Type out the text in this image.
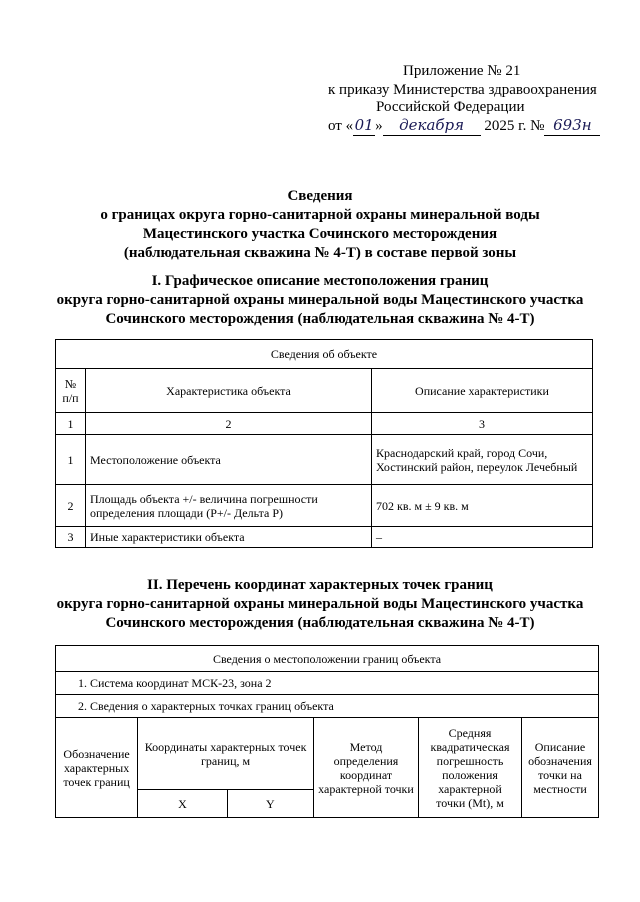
Приложение № 21
к приказу Министерства здравоохранения
Российской Федерации
от «01» декабря 2025 г. № 693н
Сведения
о границах округа горно-санитарной охраны минеральной воды
Мацестинского участка Сочинского месторождения
(наблюдательная скважина № 4-Т) в составе первой зоны
I. Графическое описание местоположения границ
округа горно-санитарной охраны минеральной воды Мацестинского участка
Сочинского месторождения (наблюдательная скважина № 4-Т)
Сведения об объекте		
№ п/п	Характеристика объекта	Описание характеристики
1	2	3
1	Местоположение объекта	Краснодарский край, город Сочи, Хостинский район, переулок Лечебный
2	Площадь объекта +/- величина погрешности определения площади (P+/- Дельта P)	702 кв. м ± 9 кв. м
3	Иные характеристики объекта	–
II. Перечень координат характерных точек границ
округа горно-санитарной охраны минеральной воды Мацестинского участка
Сочинского месторождения (наблюдательная скважина № 4-Т)
Сведения о местоположении границ объекта					
1. Система координат МСК-23, зона 2					
2. Сведения о характерных точках границ объекта					
Обозначение характерных точек границ	Координаты характерных точек границ, м		Метод определения координат характерной точки	Средняя квадратическая погрешность положения характерной точки (Mt), м	Описание обозначения точки на местности
	X	Y			
